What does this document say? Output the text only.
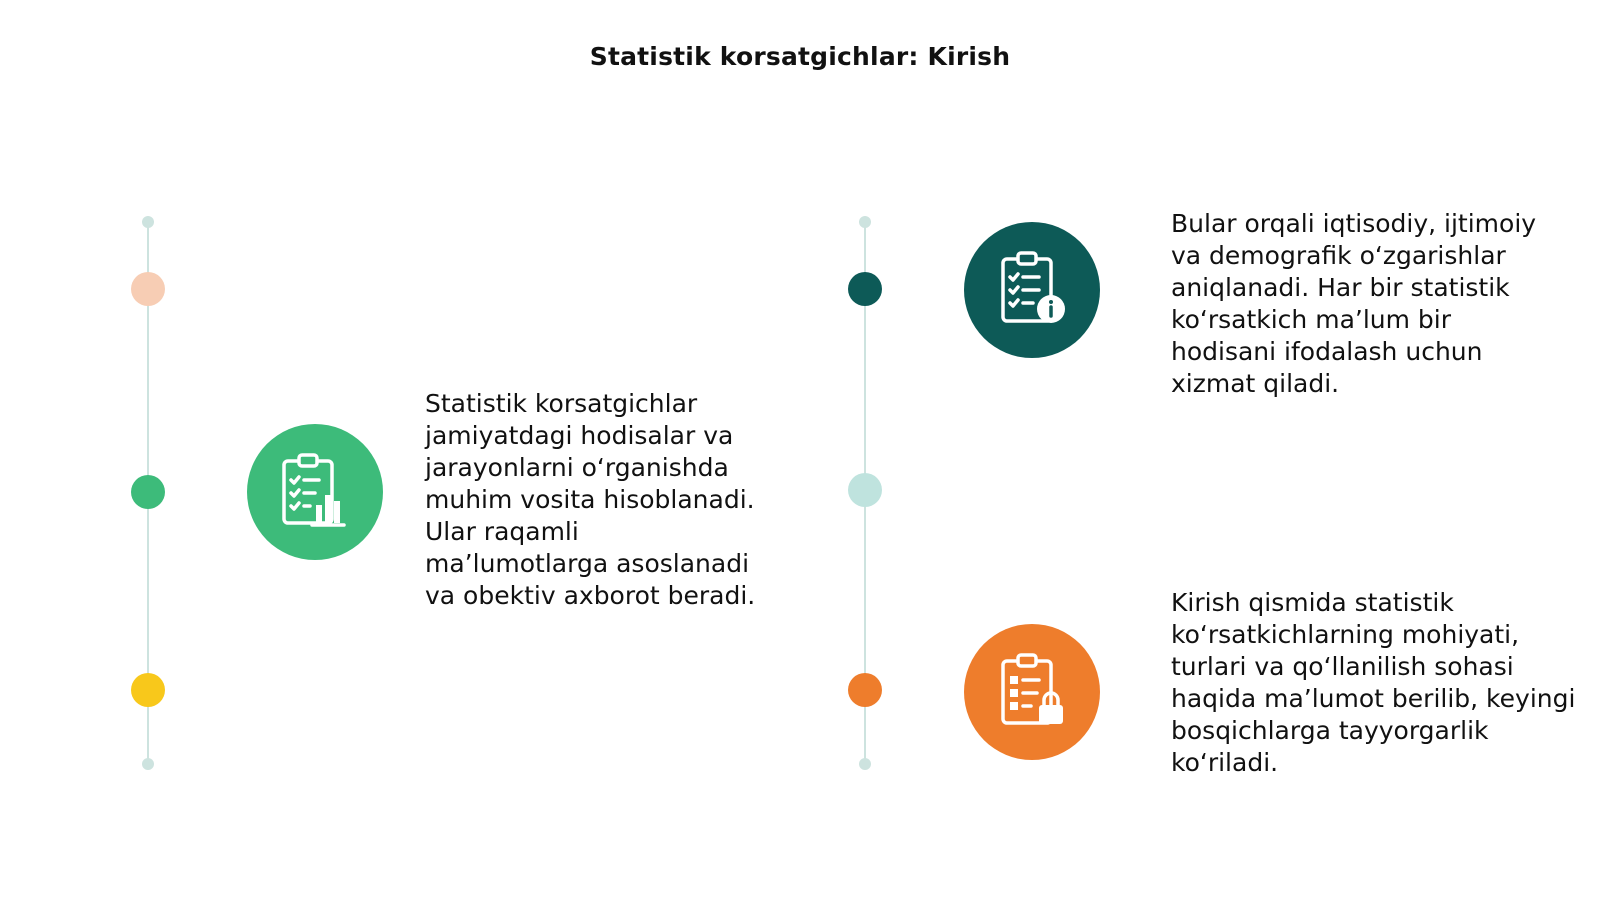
Statistik korsatgichlar: Kirish
Statistik korsatgichlar jamiyatdagi hodisalar va jarayonlarni o‘rganishda muhim vosita hisoblanadi. Ular raqamli ma’lumotlarga asoslanadi va obektiv axborot beradi.
Bular orqali iqtisodiy, ijtimoiy va demografik o‘zgarishlar aniqlanadi. Har bir statistik ko‘rsatkich ma’lum bir hodisani ifodalash uchun xizmat qiladi.
Kirish qismida statistik ko‘rsatkichlarning mohiyati, turlari va qo‘llanilish sohasi haqida ma’lumot berilib, keyingi bosqichlarga tayyorgarlik ko‘riladi.
